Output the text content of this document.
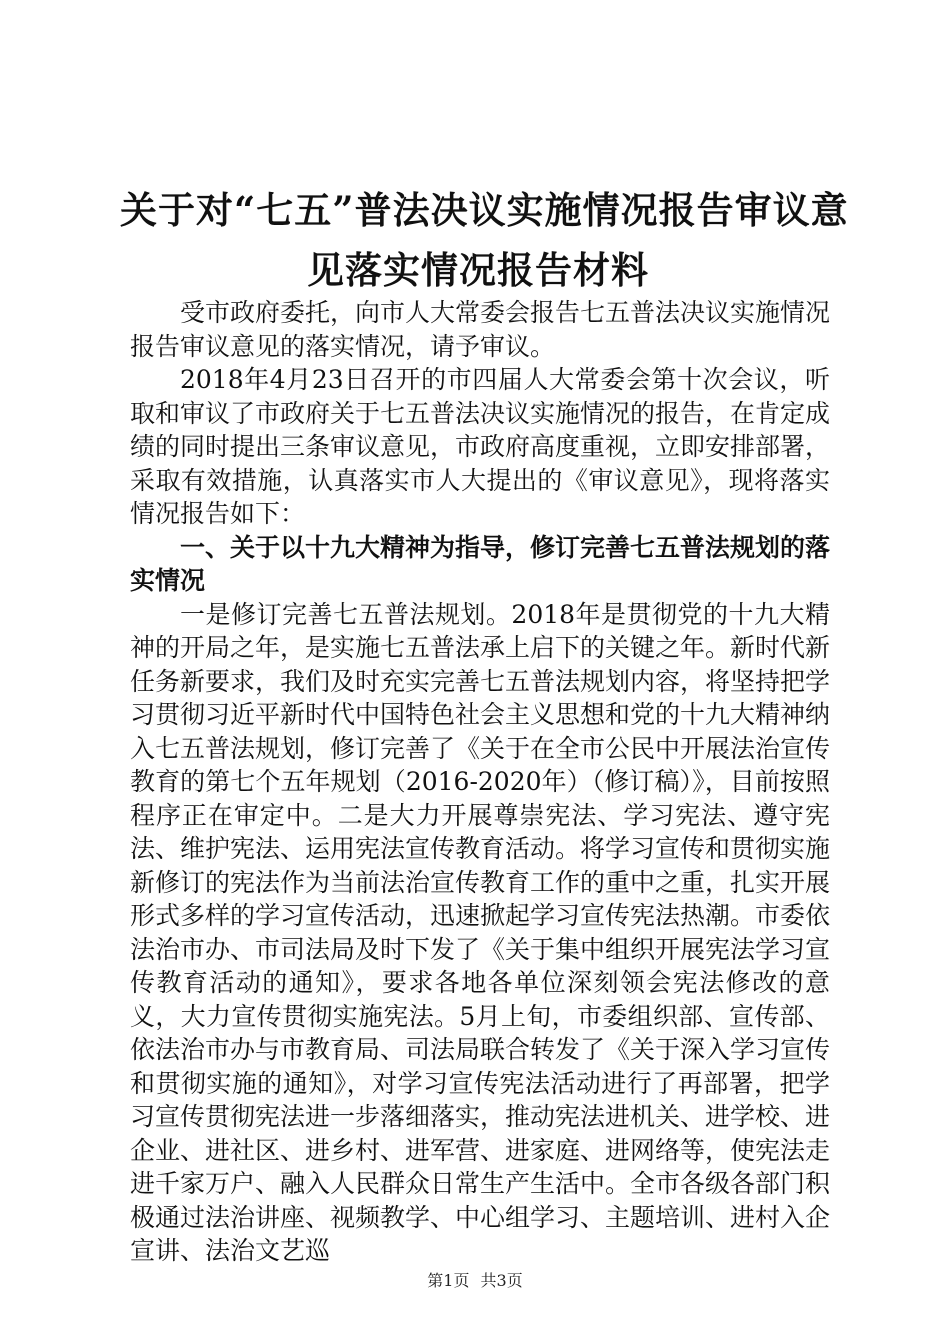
关于对“七五”普法决议实施情况报告审议意
见落实情况报告材料

受市政府委托，向市人大常委会报告七五普法决议实施情况报告审议意见的落实情况，请予审议。

2018年4月23日召开的市四届人大常委会第十次会议，听取和审议了市政府关于七五普法决议实施情况的报告，在肯定成绩的同时提出三条审议意见，市政府高度重视，立即安排部署，采取有效措施，认真落实市人大提出的《审议意见》，现将落实情况报告如下：

一、关于以十九大精神为指导，修订完善七五普法规划的落实情况

一是修订完善七五普法规划。2018年是贯彻党的十九大精神的开局之年，是实施七五普法承上启下的关键之年。新时代新任务新要求，我们及时充实完善七五普法规划内容，将坚持把学习贯彻习近平新时代中国特色社会主义思想和党的十九大精神纳入七五普法规划，修订完善了《关于在全市公民中开展法治宣传教育的第七个五年规划（2016-2020年）（修订稿）》，目前按照程序正在审定中。二是大力开展尊崇宪法、学习宪法、遵守宪法、维护宪法、运用宪法宣传教育活动。将学习宣传和贯彻实施新修订的宪法作为当前法治宣传教育工作的重中之重，扎实开展形式多样的学习宣传活动，迅速掀起学习宣传宪法热潮。市委依法治市办、市司法局及时下发了《关于集中组织开展宪法学习宣传教育活动的通知》，要求各地各单位深刻领会宪法修改的意义，大力宣传贯彻实施宪法。5月上旬，市委组织部、宣传部、依法治市办与市教育局、司法局联合转发了《关于深入学习宣传和贯彻实施的通知》，对学习宣传宪法活动进行了再部署，把学习宣传贯彻宪法进一步落细落实，推动宪法进机关、进学校、进企业、进社区、进乡村、进军营、进家庭、进网络等，使宪法走进千家万户、融入人民群众日常生产生活中。全市各级各部门积极通过法治讲座、视频教学、中心组学习、主题培训、进村入企宣讲、法治文艺巡

第1页 共3页
